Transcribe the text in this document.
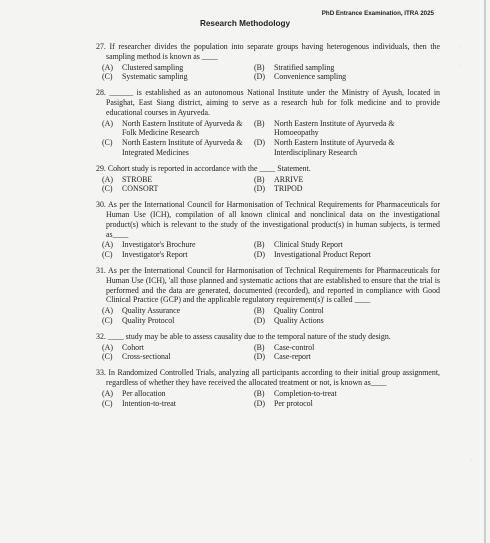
PhD Entrance Examination, ITRA 2025
Research Methodology
27. If researcher divides the population into separate groups having heterogenous individuals, then the sampling method is known as ____
(A)	Clustered sampling	(B)	Stratified sampling
(C)	Systematic sampling	(D)	Convenience sampling
28. ______ is established as an autonomous National Institute under the Ministry of Ayush, located in Pasighat, East Siang district, aiming to serve as a research hub for folk medicine and to provide educational courses in Ayurveda.
(A)	North Eastern Institute of Ayurveda & Folk Medicine Research
(B)	North Eastern Institute of Ayurveda & Homoeopathy
(C)	North Eastern Institute of Ayurveda & Integrated Medicines
(D)	North Eastern Institute of Ayurveda & Interdisciplinary Research
29. Cohort study is reported in accordance with the ____ Statement.
(A)	STROBE	(B)	ARRIVE
(C)	CONSORT	(D)	TRIPOD
30. As per the International Council for Harmonisation of Technical Requirements for Pharmaceuticals for Human Use (ICH), compilation of all known clinical and nonclinical data on the investigational product(s) which is relevant to the study of the investigational product(s) in human subjects, is termed as____
(A)	Investigator's Brochure	(B)	Clinical Study Report
(C)	Investigator's Report	(D)	Investigational Product Report
31. As per the International Council for Harmonisation of Technical Requirements for Pharmaceuticals for Human Use (ICH), 'all those planned and systematic actions that are established to ensure that the trial is performed and the data are generated, documented (recorded), and reported in compliance with Good Clinical Practice (GCP) and the applicable regulatory requirement(s)' is called ____
(A)	Quality Assurance	(B)	Quality Control
(C)	Quality Protocol	(D)	Quality Actions
32. ____ study may be able to assess causality due to the temporal nature of the study design.
(A)	Cohort	(B)	Case-control
(C)	Cross-sectional	(D)	Case-report
33. In Randomized Controlled Trials, analyzing all participants according to their initial group assignment, regardless of whether they have received the allocated treatment or not, is known as____
(A)	Per allocation	(B)	Completion-to-treat
(C)	Intention-to-treat	(D)	Per protocol
·
·
·
